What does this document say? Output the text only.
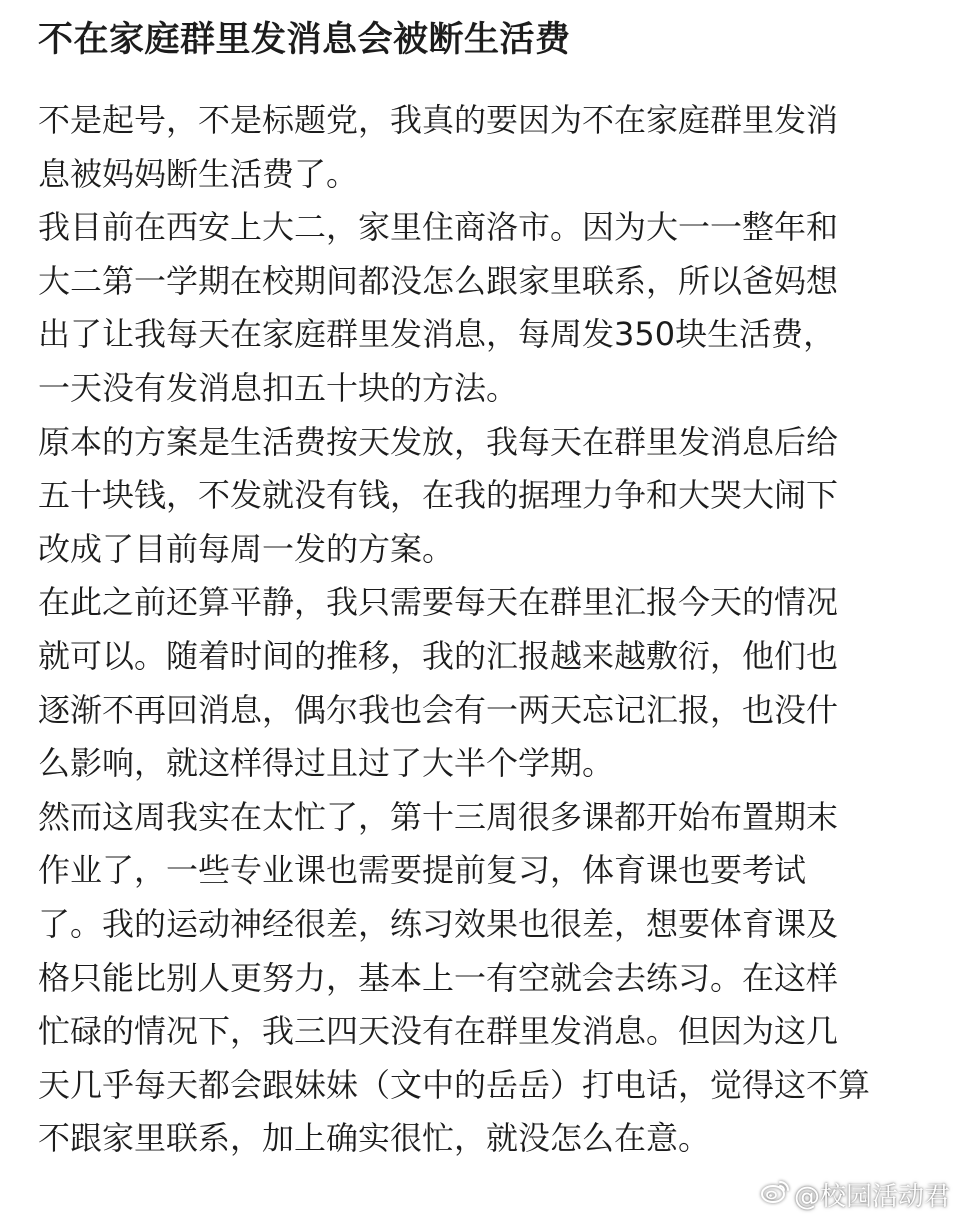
不在家庭群里发消息会被断生活费
不是起号，不是标题党，我真的要因为不在家庭群里发消
息被妈妈断生活费了。
我目前在西安上大二，家里住商洛市。因为大一一整年和
大二第一学期在校期间都没怎么跟家里联系，所以爸妈想
出了让我每天在家庭群里发消息，每周发350块生活费，
一天没有发消息扣五十块的方法。
原本的方案是生活费按天发放，我每天在群里发消息后给
五十块钱，不发就没有钱，在我的据理力争和大哭大闹下
改成了目前每周一发的方案。
在此之前还算平静，我只需要每天在群里汇报今天的情况
就可以。随着时间的推移，我的汇报越来越敷衍，他们也
逐渐不再回消息，偶尔我也会有一两天忘记汇报，也没什
么影响，就这样得过且过了大半个学期。
然而这周我实在太忙了，第十三周很多课都开始布置期末
作业了，一些专业课也需要提前复习，体育课也要考试
了。我的运动神经很差，练习效果也很差，想要体育课及
格只能比别人更努力，基本上一有空就会去练习。在这样
忙碌的情况下，我三四天没有在群里发消息。但因为这几
天几乎每天都会跟妹妹（文中的岳岳）打电话，觉得这不算
不跟家里联系，加上确实很忙，就没怎么在意。
@校园活动君
